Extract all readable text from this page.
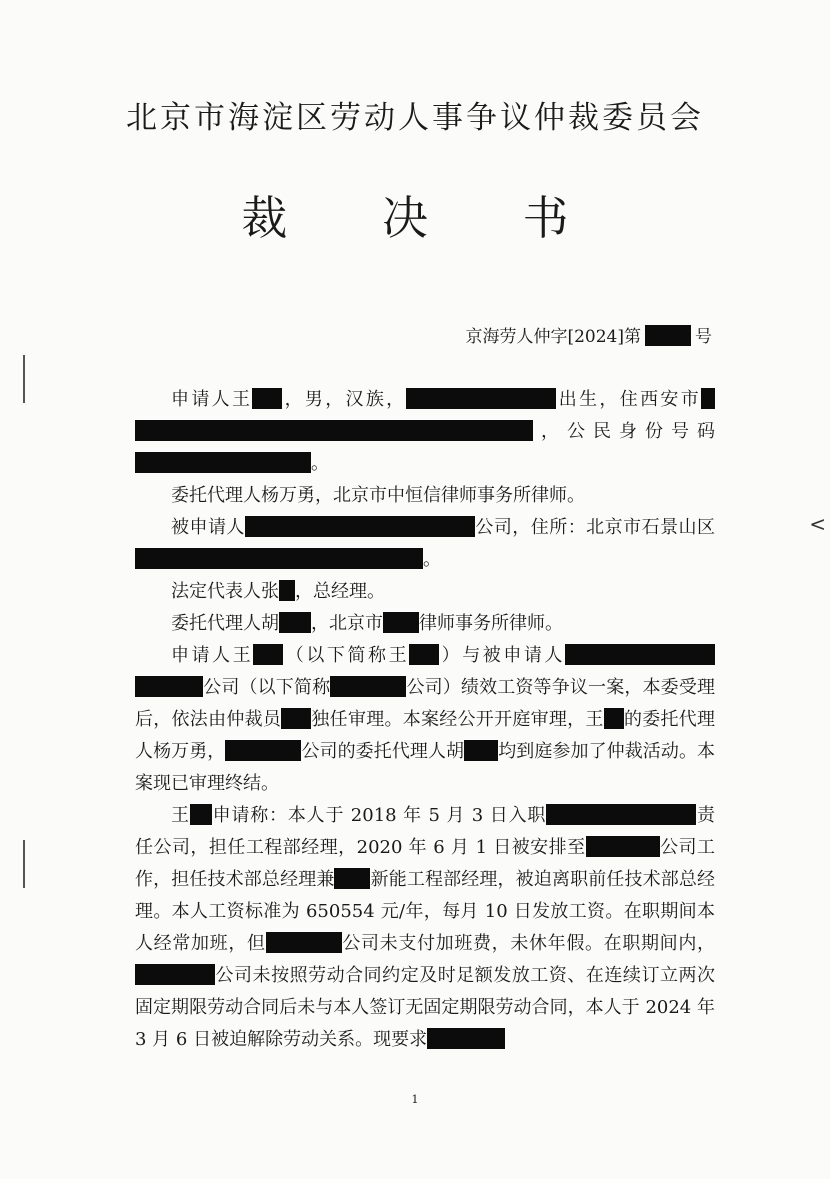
<
北京市海淀区劳动人事争议仲裁委员会
裁 决 书
京海劳人仲字[2024]第	号

申请人王 ，男，汉族，	出生，住西安市，公民身份号码。

委托代理人杨万勇，北京市中恒信律师事务所律师。

被申请人	公司，住所：北京市石景山区。

法定代表人张 ，总经理。

委托代理人胡 ，北京市 律师事务所律师。

申请人王 （以下简称王 ）与被申请人公司（以下简称	公司）绩效工资等争议一案，本委受理后，依法由仲裁员 独任审理。本案经公开开庭审理，王 的委托代理人杨万勇，	公司的委托代理人胡 均到庭参加了仲裁活动。本案现已审理终结。

王 申请称：本人于 2018 年 5 月 3 日入职	责任公司，担任工程部经理，2020 年 6 月 1 日被安排至	公司工作，担任技术部总经理兼 新能工程部经理，被迫离职前任技术部总经理。本人工资标准为 650554 元/年，每月 10 日发放工资。在职期间本人经常加班，但	公司未支付加班费，未休年假。在职期间内，公司未按照劳动合同约定及时足额发放工资、在连续订立两次固定期限劳动合同后未与本人签订无固定期限劳动合同，本人于 2024 年 3 月 6 日被迫解除劳动关系。现要求

1
